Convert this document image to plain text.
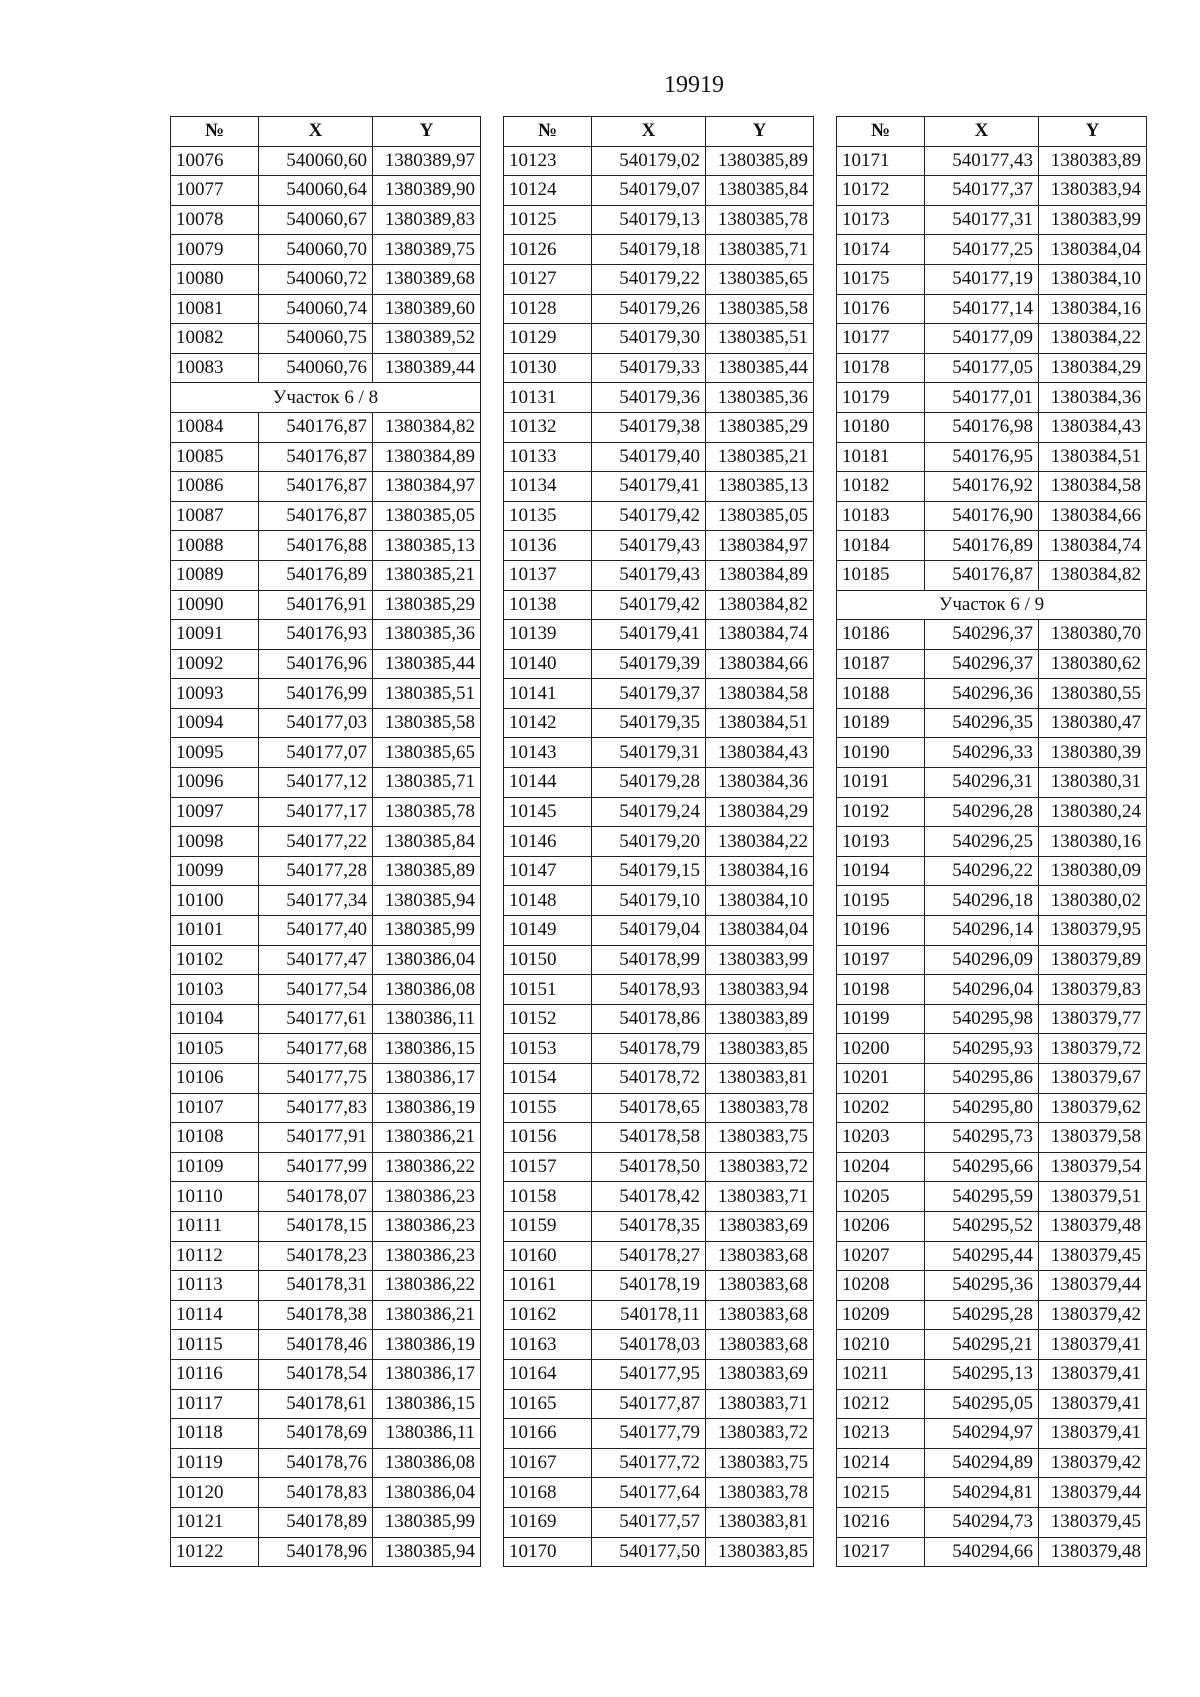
19919
№	X	Y
10076	540060,60	1380389,97
10077	540060,64	1380389,90
10078	540060,67	1380389,83
10079	540060,70	1380389,75
10080	540060,72	1380389,68
10081	540060,74	1380389,60
10082	540060,75	1380389,52
10083	540060,76	1380389,44
Участок 6 / 8		
10084	540176,87	1380384,82
10085	540176,87	1380384,89
10086	540176,87	1380384,97
10087	540176,87	1380385,05
10088	540176,88	1380385,13
10089	540176,89	1380385,21
10090	540176,91	1380385,29
10091	540176,93	1380385,36
10092	540176,96	1380385,44
10093	540176,99	1380385,51
10094	540177,03	1380385,58
10095	540177,07	1380385,65
10096	540177,12	1380385,71
10097	540177,17	1380385,78
10098	540177,22	1380385,84
10099	540177,28	1380385,89
10100	540177,34	1380385,94
10101	540177,40	1380385,99
10102	540177,47	1380386,04
10103	540177,54	1380386,08
10104	540177,61	1380386,11
10105	540177,68	1380386,15
10106	540177,75	1380386,17
10107	540177,83	1380386,19
10108	540177,91	1380386,21
10109	540177,99	1380386,22
10110	540178,07	1380386,23
10111	540178,15	1380386,23
10112	540178,23	1380386,23
10113	540178,31	1380386,22
10114	540178,38	1380386,21
10115	540178,46	1380386,19
10116	540178,54	1380386,17
10117	540178,61	1380386,15
10118	540178,69	1380386,11
10119	540178,76	1380386,08
10120	540178,83	1380386,04
10121	540178,89	1380385,99
10122	540178,96	1380385,94
№	X	Y
10123	540179,02	1380385,89
10124	540179,07	1380385,84
10125	540179,13	1380385,78
10126	540179,18	1380385,71
10127	540179,22	1380385,65
10128	540179,26	1380385,58
10129	540179,30	1380385,51
10130	540179,33	1380385,44
10131	540179,36	1380385,36
10132	540179,38	1380385,29
10133	540179,40	1380385,21
10134	540179,41	1380385,13
10135	540179,42	1380385,05
10136	540179,43	1380384,97
10137	540179,43	1380384,89
10138	540179,42	1380384,82
10139	540179,41	1380384,74
10140	540179,39	1380384,66
10141	540179,37	1380384,58
10142	540179,35	1380384,51
10143	540179,31	1380384,43
10144	540179,28	1380384,36
10145	540179,24	1380384,29
10146	540179,20	1380384,22
10147	540179,15	1380384,16
10148	540179,10	1380384,10
10149	540179,04	1380384,04
10150	540178,99	1380383,99
10151	540178,93	1380383,94
10152	540178,86	1380383,89
10153	540178,79	1380383,85
10154	540178,72	1380383,81
10155	540178,65	1380383,78
10156	540178,58	1380383,75
10157	540178,50	1380383,72
10158	540178,42	1380383,71
10159	540178,35	1380383,69
10160	540178,27	1380383,68
10161	540178,19	1380383,68
10162	540178,11	1380383,68
10163	540178,03	1380383,68
10164	540177,95	1380383,69
10165	540177,87	1380383,71
10166	540177,79	1380383,72
10167	540177,72	1380383,75
10168	540177,64	1380383,78
10169	540177,57	1380383,81
10170	540177,50	1380383,85
№	X	Y
10171	540177,43	1380383,89
10172	540177,37	1380383,94
10173	540177,31	1380383,99
10174	540177,25	1380384,04
10175	540177,19	1380384,10
10176	540177,14	1380384,16
10177	540177,09	1380384,22
10178	540177,05	1380384,29
10179	540177,01	1380384,36
10180	540176,98	1380384,43
10181	540176,95	1380384,51
10182	540176,92	1380384,58
10183	540176,90	1380384,66
10184	540176,89	1380384,74
10185	540176,87	1380384,82
Участок 6 / 9		
10186	540296,37	1380380,70
10187	540296,37	1380380,62
10188	540296,36	1380380,55
10189	540296,35	1380380,47
10190	540296,33	1380380,39
10191	540296,31	1380380,31
10192	540296,28	1380380,24
10193	540296,25	1380380,16
10194	540296,22	1380380,09
10195	540296,18	1380380,02
10196	540296,14	1380379,95
10197	540296,09	1380379,89
10198	540296,04	1380379,83
10199	540295,98	1380379,77
10200	540295,93	1380379,72
10201	540295,86	1380379,67
10202	540295,80	1380379,62
10203	540295,73	1380379,58
10204	540295,66	1380379,54
10205	540295,59	1380379,51
10206	540295,52	1380379,48
10207	540295,44	1380379,45
10208	540295,36	1380379,44
10209	540295,28	1380379,42
10210	540295,21	1380379,41
10211	540295,13	1380379,41
10212	540295,05	1380379,41
10213	540294,97	1380379,41
10214	540294,89	1380379,42
10215	540294,81	1380379,44
10216	540294,73	1380379,45
10217	540294,66	1380379,48
